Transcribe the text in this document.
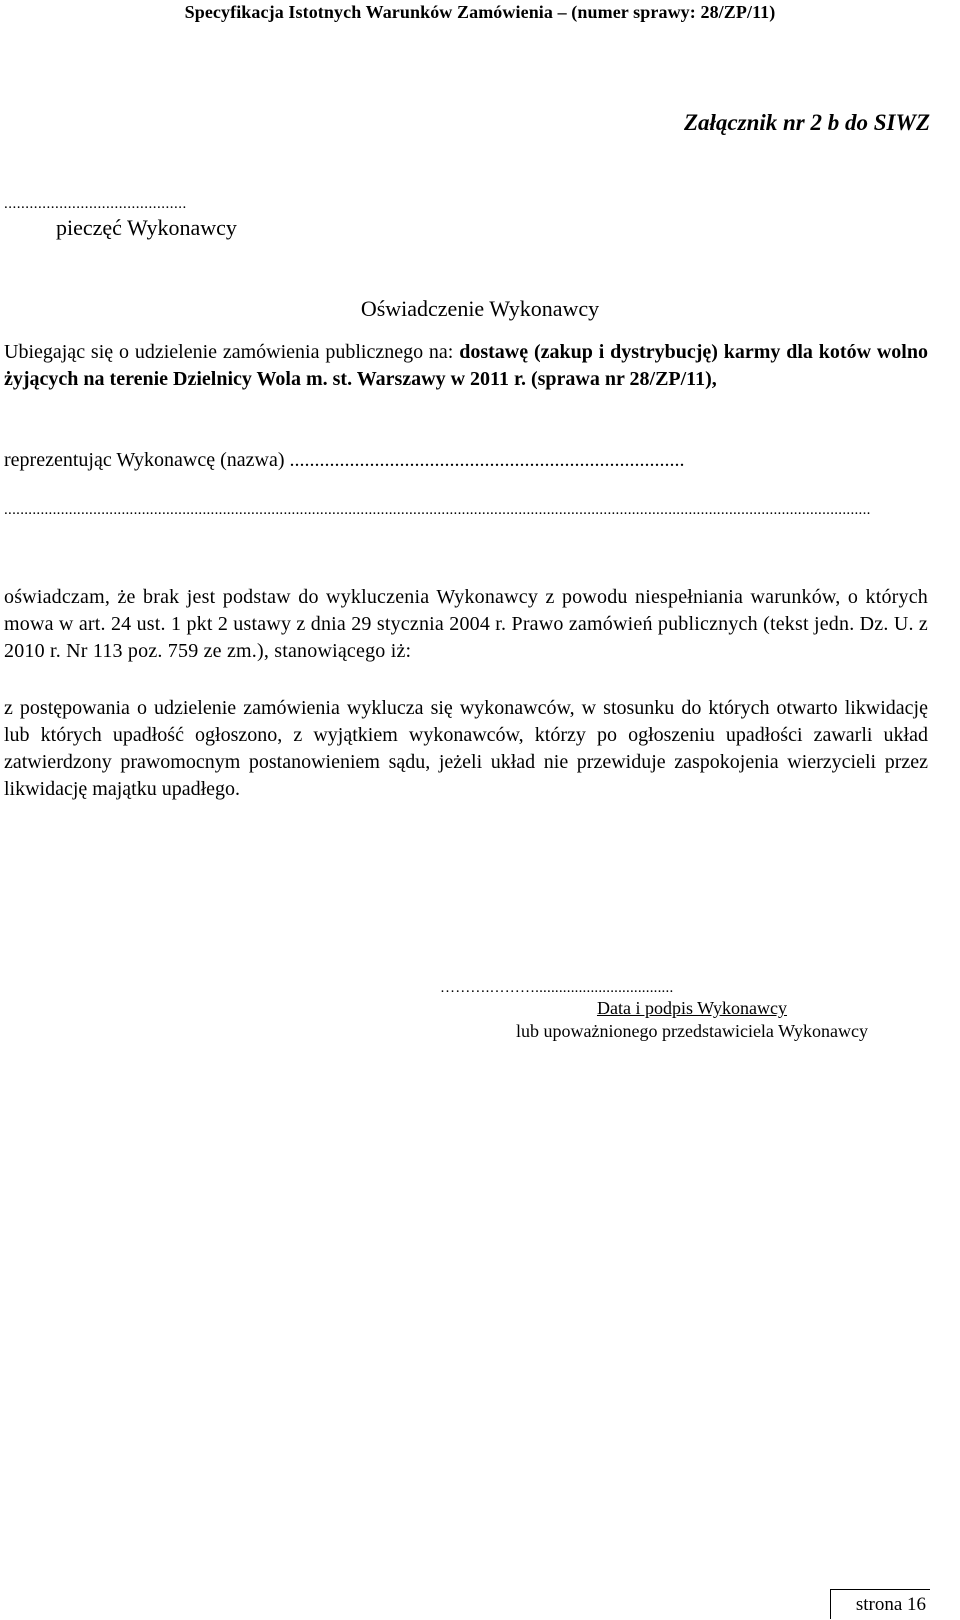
Specyfikacja Istotnych Warunków Zamówienia – (numer sprawy: 28/ZP/11)
Załącznik nr 2 b do SIWZ
...........................................
pieczęć Wykonawcy
Oświadczenie Wykonawcy
Ubiegając się o udzielenie zamówienia publicznego na: dostawę (zakup i dystrybucję) karmy dla kotów wolno żyjących na terenie Dzielnicy Wola m. st. Warszawy w 2011 r. (sprawa nr 28/ZP/11),
reprezentując Wykonawcę (nazwa) ...............................................................................
......................................................................................................................................................................................................................
oświadczam, że brak jest podstaw do wykluczenia Wykonawcy z powodu niespełniania warunków, o których mowa w art. 24 ust. 1 pkt 2 ustawy z dnia 29 stycznia 2004 r. Prawo zamówień publicznych (tekst jedn. Dz. U. z 2010 r. Nr 113 poz. 759 ze zm.), stanowiącego iż:
z postępowania o udzielenie zamówienia wyklucza się wykonawców, w stosunku do których otwarto likwidację lub których upadłość ogłoszono, z wyjątkiem wykonawców, którzy po ogłoszeniu upadłości zawarli układ zatwierdzony prawomocnym postanowieniem sądu, jeżeli układ nie przewiduje zaspokojenia wierzycieli przez likwidację majątku upadłego.
……….………...................................
Data i podpis Wykonawcy
lub upoważnionego przedstawiciela Wykonawcy
strona 16
